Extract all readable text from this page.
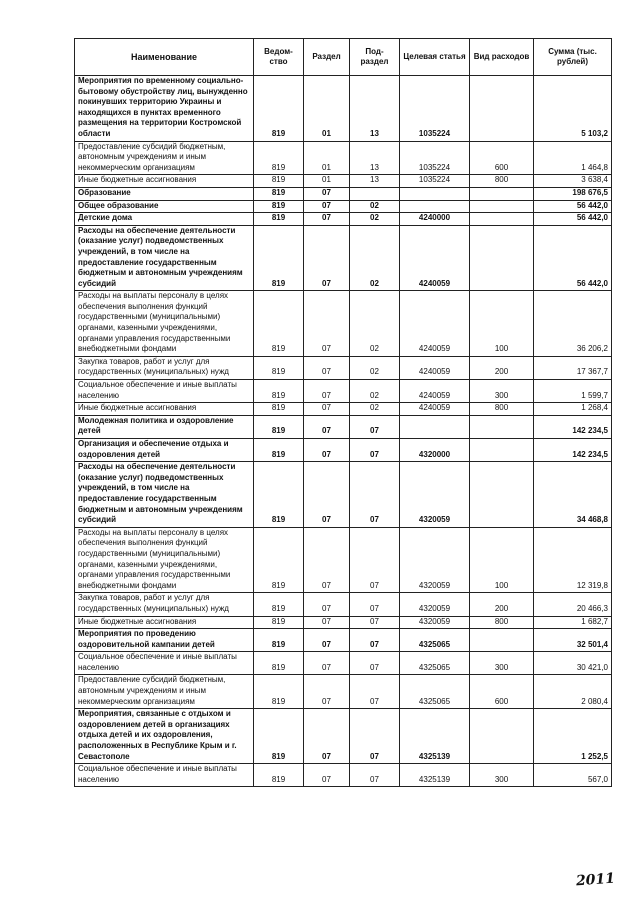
Наименование	Ведом-ство	Раздел	Под-раздел	Целевая статья	Вид расходов	Сумма (тыс. рублей)
Мероприятия по временному социально-бытовому обустройству лиц, вынужденно покинувших территорию Украины и находящихся в пунктах временного размещения на территории Костромской области	819	01	13	1035224		5 103,2
Предоставление субсидий бюджетным, автономным учреждениям и иным некоммерческим организациям	819	01	13	1035224	600	1 464,8
Иные бюджетные ассигнования	819	01	13	1035224	800	3 638,4
Образование	819	07				198 676,5
Общее образование	819	07	02			56 442,0
Детские дома	819	07	02	4240000		56 442,0
Расходы на обеспечение деятельности (оказание услуг) подведомственных учреждений, в том числе на предоставление государственным бюджетным и автономным учреждениям субсидий	819	07	02	4240059		56 442,0
Расходы на выплаты персоналу в целях обеспечения выполнения функций государственными (муниципальными) органами, казенными учреждениями, органами управления государственными внебюджетными фондами	819	07	02	4240059	100	36 206,2
Закупка товаров, работ и услуг для государственных (муниципальных) нужд	819	07	02	4240059	200	17 367,7
Социальное обеспечение и иные выплаты населению	819	07	02	4240059	300	1 599,7
Иные бюджетные ассигнования	819	07	02	4240059	800	1 268,4
Молодежная политика и оздоровление детей	819	07	07			142 234,5
Организация и обеспечение отдыха и оздоровления детей	819	07	07	4320000		142 234,5
Расходы на обеспечение деятельности (оказание услуг) подведомственных учреждений, в том числе на предоставление государственным бюджетным и автономным учреждениям субсидий	819	07	07	4320059		34 468,8
Расходы на выплаты персоналу в целях обеспечения выполнения функций государственными (муниципальными) органами, казенными учреждениями, органами управления государственными внебюджетными фондами	819	07	07	4320059	100	12 319,8
Закупка товаров, работ и услуг для государственных (муниципальных) нужд	819	07	07	4320059	200	20 466,3
Иные бюджетные ассигнования	819	07	07	4320059	800	1 682,7
Мероприятия по проведению оздоровительной кампании детей	819	07	07	4325065		32 501,4
Социальное обеспечение и иные выплаты населению	819	07	07	4325065	300	30 421,0
Предоставление субсидий бюджетным, автономным учреждениям и иным некоммерческим организациям	819	07	07	4325065	600	2 080,4
Мероприятия, связанные с отдыхом и оздоровлением детей в организациях отдыха детей и их оздоровления, расположенных в Республике Крым и г. Севастополе	819	07	07	4325139		1 252,5
Социальное обеспечение и иные выплаты населению	819	07	07	4325139	300	567,0
2011
